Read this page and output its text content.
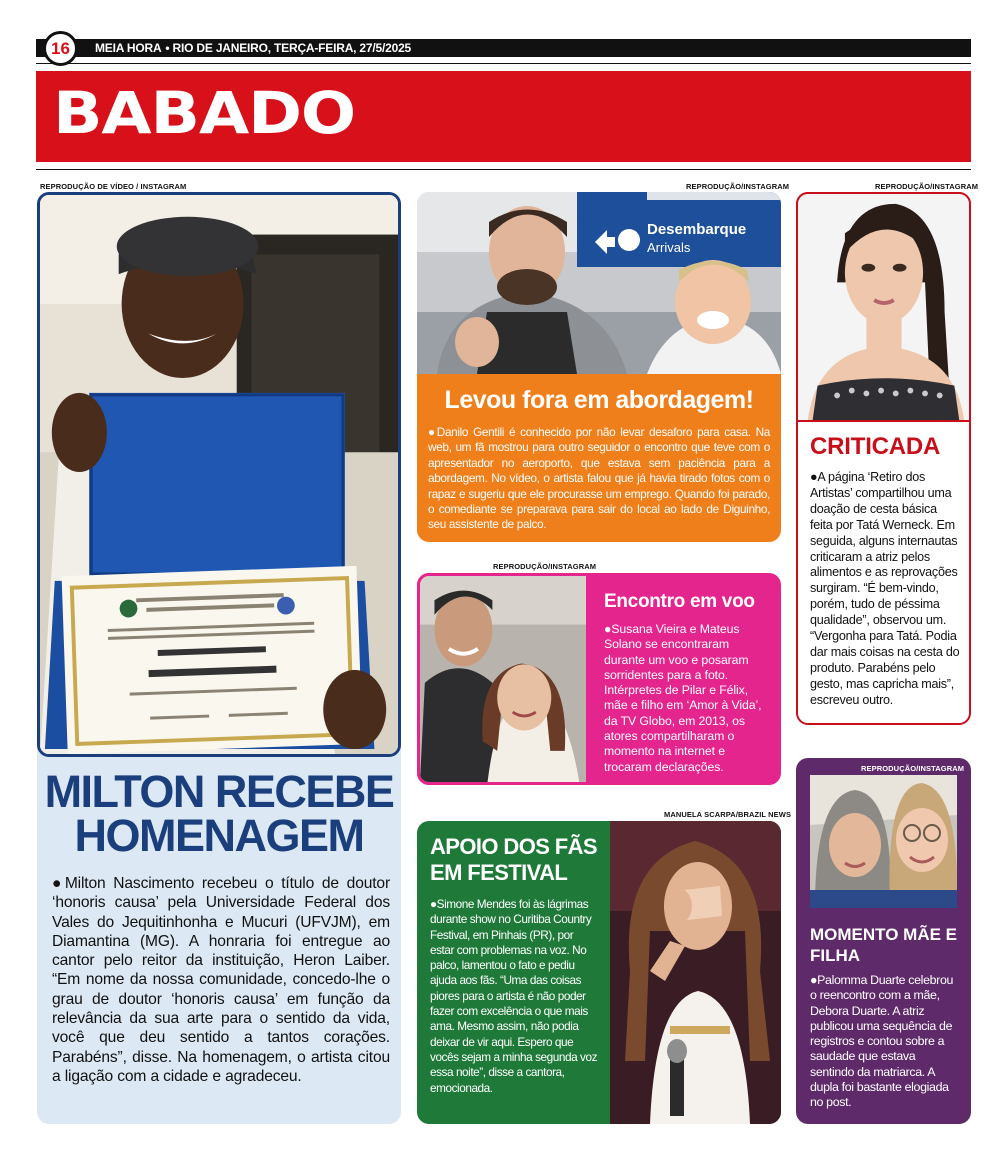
16	MEIA HORA • RIO DE JANEIRO, TERÇA-FEIRA, 27/5/2025
BABADO
REPRODUÇÃO DE VÍDEO / INSTAGRAM	REPRODUÇÃO/INSTAGRAM	REPRODUÇÃO/INSTAGRAM
REPRODUÇÃO/INSTAGRAM
MANUELA SCARPA/BRAZIL NEWS
MILTON RECEBE
HOMENAGEM
●Milton Nascimento recebeu o título de doutor ‘honoris causa’ pela Universidade Federal dos Vales do Jequitinhonha e Mucuri (UFVJM), em Diamantina (MG). A honraria foi entregue ao cantor pelo reitor da instituição, Heron Laiber. “Em nome da nossa comunidade, concedo-lhe o grau de doutor ‘honoris causa’ em função da relevância da sua arte para o sentido da vida, você que deu sentido a tantos corações. Parabéns”, disse. Na homenagem, o artista citou a ligação com a cidade e agradeceu.
Desembarque
Arrivals
Levou fora em abordagem!
●Danilo Gentili é conhecido por não levar desaforo para casa. Na web, um fã mostrou para outro seguidor o encontro que teve com o apresentador no aeroporto, que estava sem paciência para a abordagem. No vídeo, o artista falou que já havia tirado fotos com o rapaz e sugeriu que ele procurasse um emprego. Quando foi parado, o comediante se preparava para sair do local ao lado de Diguinho, seu assistente de palco.
CRITICADA
●A página ‘Retiro dos Artistas’ compartilhou uma doação de cesta básica feita por Tatá Werneck. Em seguida, alguns internautas criticaram a atriz pelos alimentos e as reprovações surgiram. “É bem-vindo, porém, tudo de péssima qualidade”, observou um. “Vergonha para Tatá. Podia dar mais coisas na cesta do produto. Parabéns pelo gesto, mas capricha mais”, escreveu outro.
Encontro em voo
●Susana Vieira e Mateus Solano se encontraram durante um voo e posaram sorridentes para a foto. Intérpretes de Pilar e Félix, mãe e filho em ‘Amor à Vida’, da TV Globo, em 2013, os atores compartilharam o momento na internet e trocaram declarações.
APOIO DOS FÃS EM FESTIVAL
●Simone Mendes foi às lágrimas durante show no Curitiba Country Festival, em Pinhais (PR), por estar com problemas na voz. No palco, lamentou o fato e pediu ajuda aos fãs. “Uma das coisas piores para o artista é não poder fazer com excelência o que mais ama. Mesmo assim, não podia deixar de vir aqui. Espero que vocês sejam a minha segunda voz essa noite”, disse a cantora, emocionada.
REPRODUÇÃO/INSTAGRAM
MOMENTO MÃE E FILHA
●Palomma Duarte celebrou o reencontro com a mãe, Debora Duarte. A atriz publicou uma sequência de registros e contou sobre a saudade que estava sentindo da matriarca. A dupla foi bastante elogiada no post.
